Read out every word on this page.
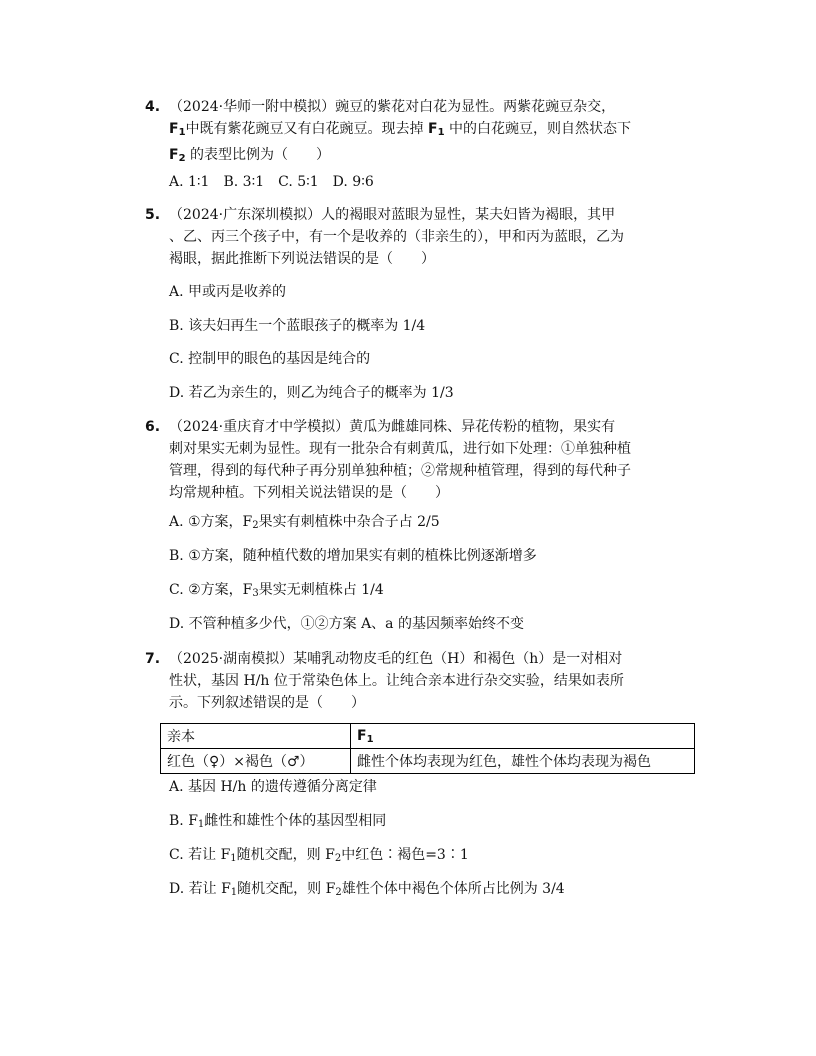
4. （2024·华师一附中模拟）豌豆的紫花对白花为显性。两紫花豌豆杂交，
$F_1$中既有紫花豌豆又有白花豌豆。现去掉 $F_1$ 中的白花豌豆，则自然状态下
$F_2$ 的表型比例为（　　）
A. 1∶1　B. 3∶1　C. 5∶1　D. 9∶6
5. （2024·广东深圳模拟）人的褐眼对蓝眼为显性，某夫妇皆为褐眼，其甲
、乙、丙三个孩子中，有一个是收养的（非亲生的），甲和丙为蓝眼，乙为
褐眼，据此推断下列说法错误的是（　　）
A. 甲或丙是收养的
B. 该夫妇再生一个蓝眼孩子的概率为 1/4
C. 控制甲的眼色的基因是纯合的
D. 若乙为亲生的，则乙为纯合子的概率为 1/3
6. （2024·重庆育才中学模拟）黄瓜为雌雄同株、异花传粉的植物，果实有
刺对果实无刺为显性。现有一批杂合有刺黄瓜，进行如下处理：①单独种植
管理，得到的每代种子再分别单独种植；②常规种植管理，得到的每代种子
均常规种植。下列相关说法错误的是（　　）
A. ①方案，$F_2$果实有刺植株中杂合子占 2/5
B. ①方案，随种植代数的增加果实有刺的植株比例逐渐增多
C. ②方案，$F_3$果实无刺植株占 1/4
D. 不管种植多少代，①②方案 A、a 的基因频率始终不变
7. （2025·湖南模拟）某哺乳动物皮毛的红色（H）和褐色（h）是一对相对
性状，基因 H/h 位于常染色体上。让纯合亲本进行杂交实验，结果如表所
示。下列叙述错误的是（　　）
亲本	$F_1$
红色（♀）×褐色（♂）	雌性个体均表现为红色，雄性个体均表现为褐色
A. 基因 H/h 的遗传遵循分离定律
B. $F_1$雌性和雄性个体的基因型相同
C. 若让 $F_1$随机交配，则 $F_2$中红色∶褐色=3∶1
D. 若让 $F_1$随机交配，则 $F_2$雄性个体中褐色个体所占比例为 3/4
